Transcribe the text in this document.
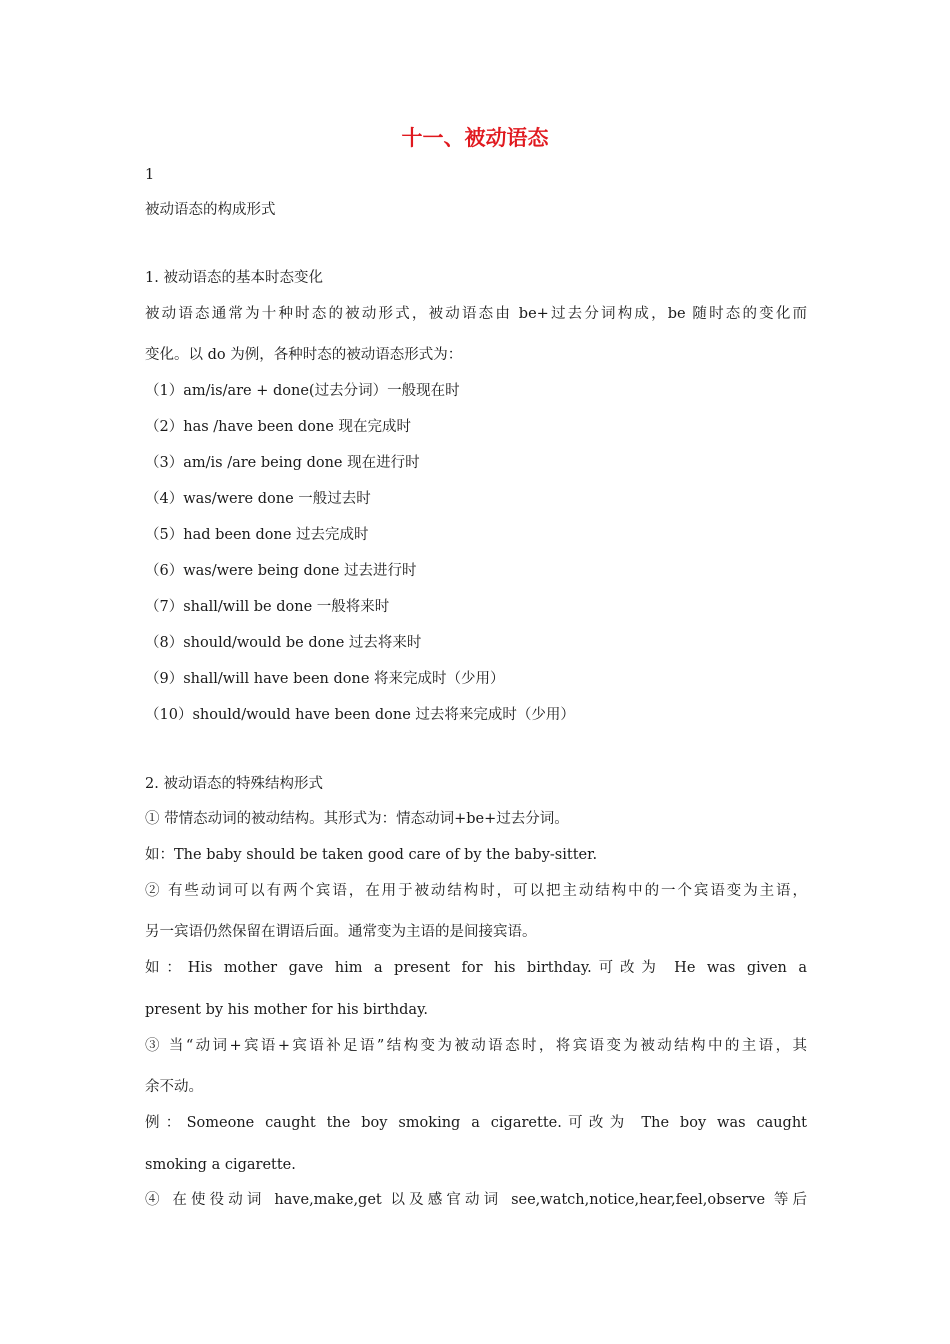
十一、被动语态
1
被动语态的构成形式
1. 被动语态的基本时态变化
被动语态通常为十种时态的被动形式，被动语态由 be+过去分词构成，be 随时态的变化而
变化。以 do 为例，各种时态的被动语态形式为：
（1）am/is/are + done(过去分词）一般现在时
（2）has /have been done 现在完成时
（3）am/is /are being done 现在进行时
（4）was/were done 一般过去时
（5）had been done 过去完成时
（6）was/were being done 过去进行时
（7）shall/will be done 一般将来时
（8）should/would be done 过去将来时
（9）shall/will have been done 将来完成时（少用）
（10）should/would have been done 过去将来完成时（少用）
2. 被动语态的特殊结构形式
① 带情态动词的被动结构。其形式为：情态动词+be+过去分词。
如：The baby should be taken good care of by the baby-sitter.
② 有些动词可以有两个宾语，在用于被动结构时，可以把主动结构中的一个宾语变为主语，
另一宾语仍然保留在谓语后面。通常变为主语的是间接宾语。
如：His mother gave him a present for his birthday.可改为 He was given a
present by his mother for his birthday.
③ 当“动词+宾语+宾语补足语”结构变为被动语态时，将宾语变为被动结构中的主语，其
余不动。
例：Someone caught the boy smoking a cigarette.可改为 The boy was caught
smoking a cigarette.
④ 在使役动词 have,make,get 以及感官动词 see,watch,notice,hear,feel,observe 等后
